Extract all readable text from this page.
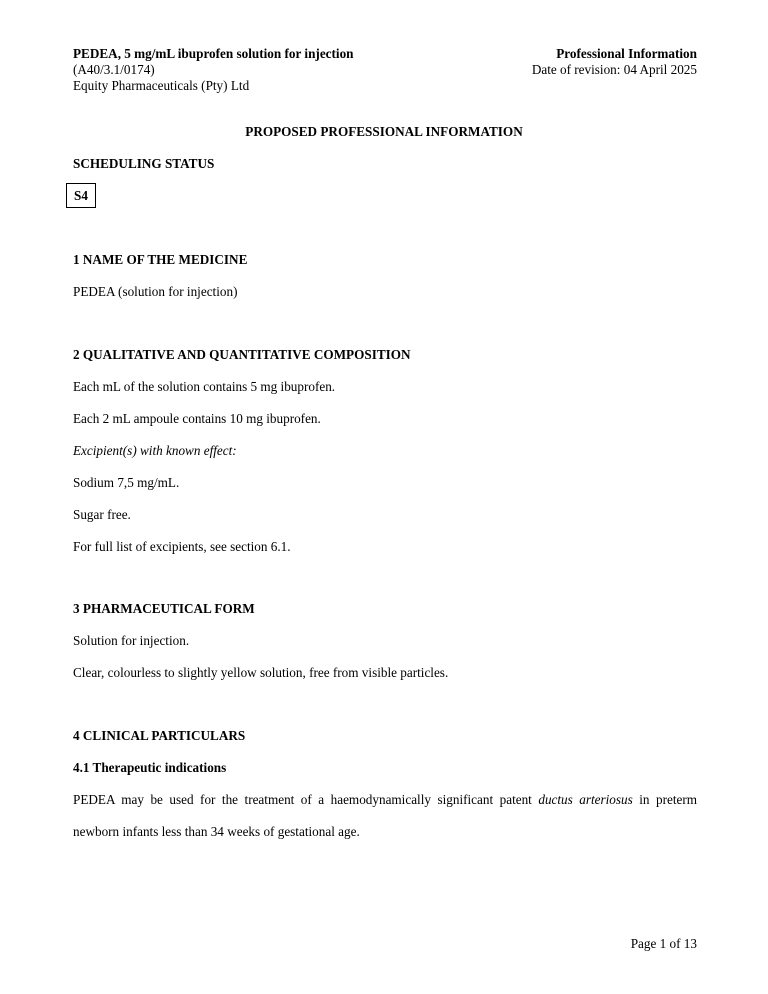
PEDEA, 5 mg/mL ibuprofen solution for injection
(A40/3.1/0174)
Equity Pharmaceuticals (Pty) Ltd
Professional Information
Date of revision: 04 April 2025
PROPOSED PROFESSIONAL INFORMATION
SCHEDULING STATUS
S4
1 NAME OF THE MEDICINE
PEDEA (solution for injection)
2 QUALITATIVE AND QUANTITATIVE COMPOSITION
Each mL of the solution contains 5 mg ibuprofen.
Each 2 mL ampoule contains 10 mg ibuprofen.
Excipient(s) with known effect:
Sodium 7,5 mg/mL.
Sugar free.
For full list of excipients, see section 6.1.
3 PHARMACEUTICAL FORM
Solution for injection.
Clear, colourless to slightly yellow solution, free from visible particles.
4 CLINICAL PARTICULARS
4.1 Therapeutic indications
PEDEA may be used for the treatment of a haemodynamically significant patent ductus arteriosus in preterm
newborn infants less than 34 weeks of gestational age.
Page 1 of 13
